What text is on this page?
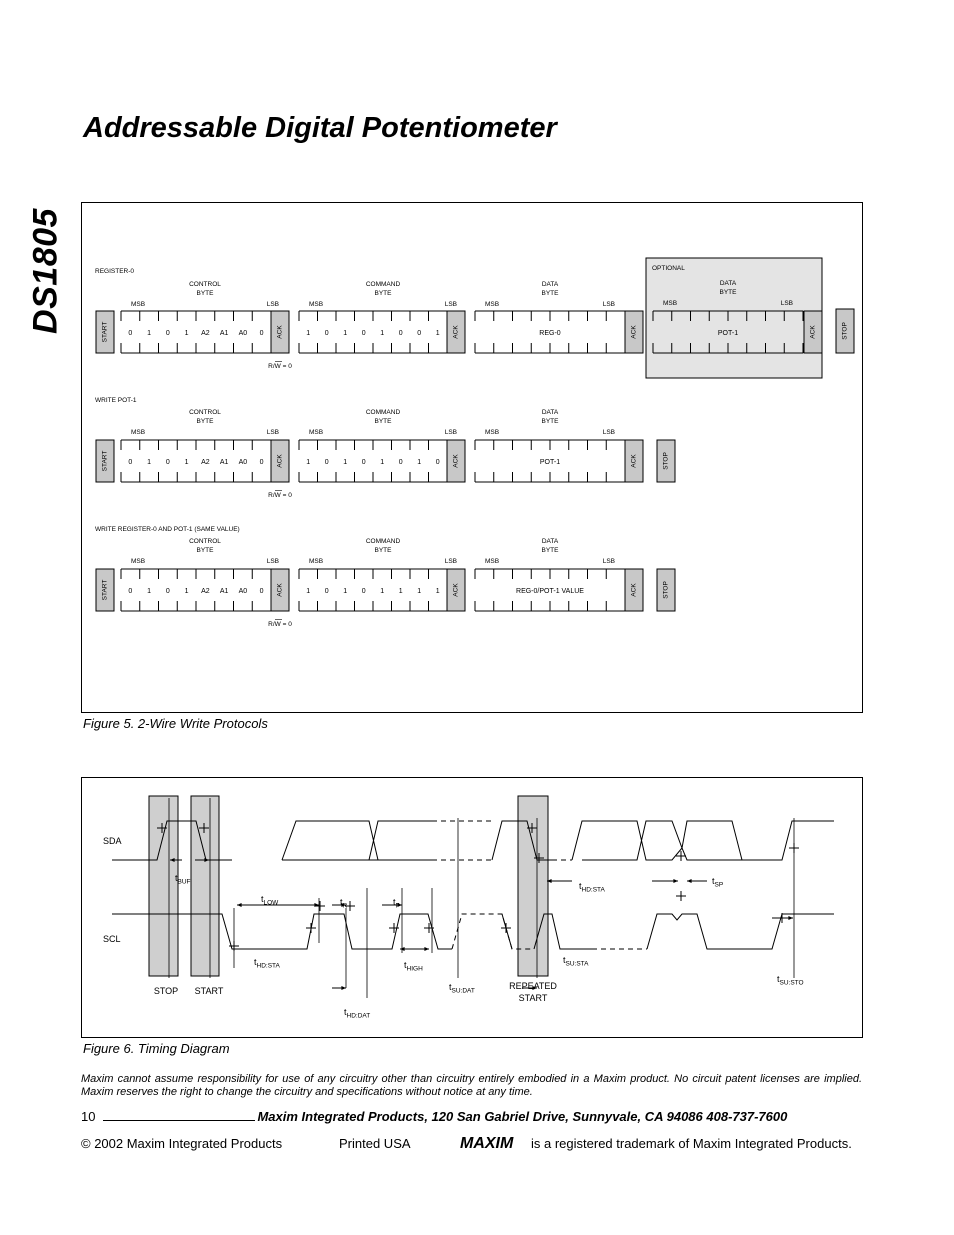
DS1805
Addressable Digital Potentiometer
OPTIONAL
REGISTER-0
START
CONTROL
BYTE
MSB	LSB
0 1 0 1 A2 A1 A0 0 ACK
R/W = 0
COMMAND
BYTE
MSB	LSB
1 0 1 0 1 0 0 1 ACK
DATA
BYTE
MSB	LSB
REG-0	ACK
DATA
BYTE
MSB	LSB
POT-1	ACK	STOP
WRITE POT-1
START
CONTROL
BYTE
MSB	LSB
0 1 0 1 A2 A1 A0 0 ACK
R/W = 0
COMMAND
BYTE
MSB	LSB
1 0 1 0 1 0 1 0 ACK
DATA
BYTE
MSB	LSB
POT-1	ACK	STOP
WRITE REGISTER-0 AND POT-1 (SAME VALUE)
START
CONTROL
BYTE
MSB	LSB
0 1 0 1 A2 A1 A0 0 ACK
R/W = 0
COMMAND
BYTE
MSB	LSB
1 0 1 0 1 1 1 1 ACK
DATA
BYTE
MSB	LSB
REG-0/POT-1 VALUE	ACK	STOP
Figure 5. 2-Wire Write Protocols
SDA
SCL
$t_{BUF}$
$t_{LOW}$	$t_R$	$t_F$
$t_{HD:STA}$	$t_{HIGH}$
$t_{HD:DAT}$
$t_{SU:DAT}$
$t_{HD:STA}$
$t_{SU:STA}$
$t_{SP}$
$t_{SU:STO}$
STOP START	REPEATED
START
Figure 6. Timing Diagram
Maxim cannot assume responsibility for use of any circuitry other than circuitry entirely embodied in a Maxim product. No circuit patent licenses are implied. Maxim reserves the right to change the circuitry and specifications without notice at any time.
10	Maxim Integrated Products, 120 San Gabriel Drive, Sunnyvale, CA 94086 408-737-7600
© 2002 Maxim Integrated Products	Printed USA	MAXIM is a registered trademark of Maxim Integrated Products.
